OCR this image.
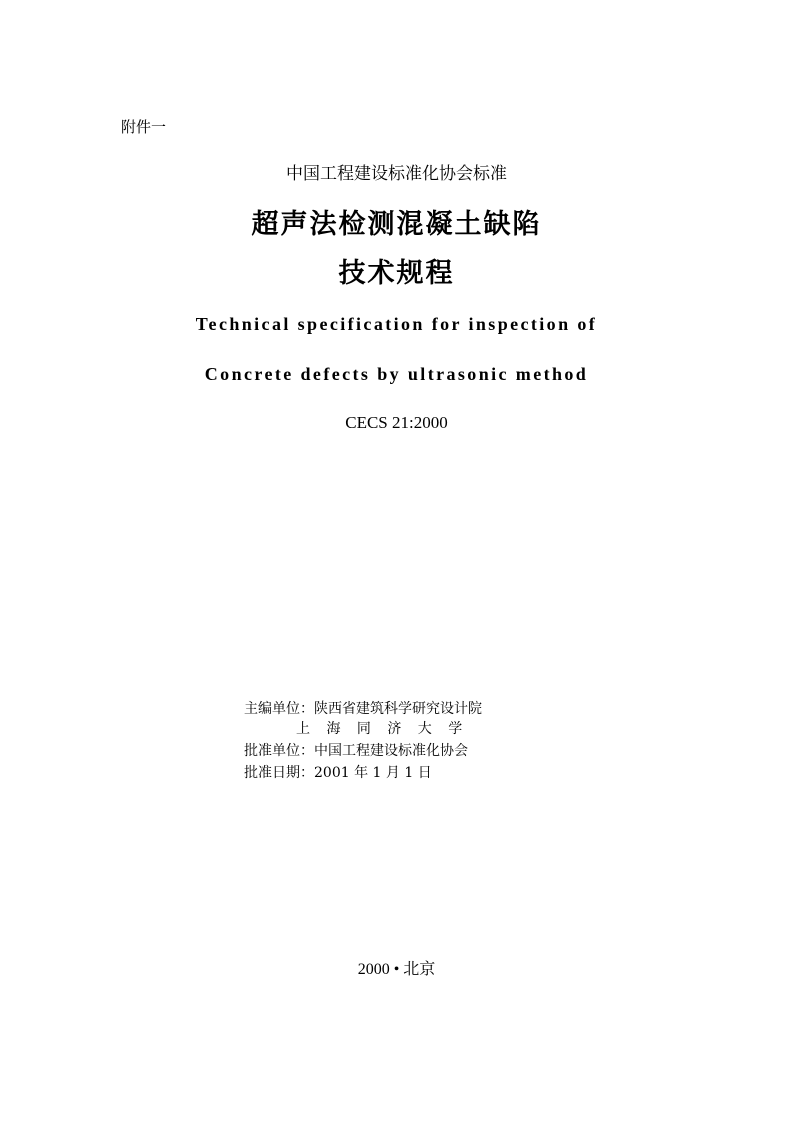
附件一
中国工程建设标准化协会标准
超声法检测混凝土缺陷
技术规程
Technical specification for inspection of
Concrete defects by ultrasonic method
CECS 21:2000
主编单位：陕西省建筑科学研究设计院
上 海 同 济 大 学
批准单位：中国工程建设标准化协会
批准日期：2001 年 1 月 1 日
2000 • 北京
